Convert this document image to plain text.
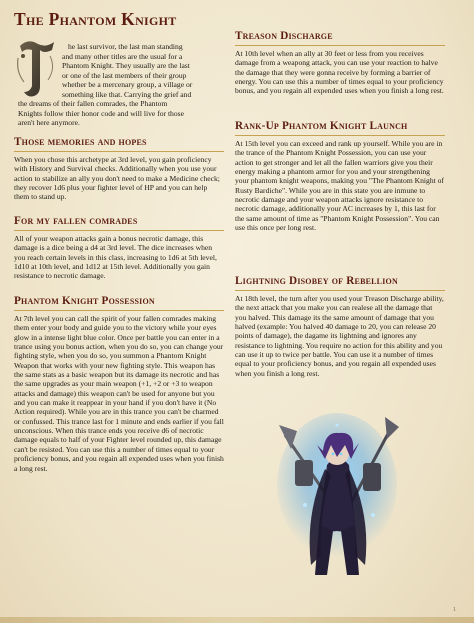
The Phantom Knight
he last survivor, the last man standing
and many other titles are the usual for a
Phantom Knight. They usually are the last
or one of the last members of their group
whether be a mercenary group, a village or
something like that. Carrying the grief and
the dreams of their fallen comrades, the Phantom
Knights follow thier honor code and will live for those
aren't here anymore.
Those memories and hopes

When you chose this archetype at 3rd level, you gain proficiency with History and Survival checks. Additionally when you use your action to stabilize an ally you don't need to make a Medicine check; they recover 1d6 plus your fighter level of HP and you can help them to stand up.

For my fallen comrades

All of your weapon attacks gain a bonus necrotic damage, this damage is a dice being a d4 at 3rd level. The dice increases when you reach certain levels in this class, increasing to 1d6 at 5th level, 1d10 at 10th level, and 1d12 at 15th level. Additionally you gain resistance to necrotic damage.

Phantom Knight Possession

At 7th level you can call the spirit of your fallen comrades making them enter your body and guide you to the victory while your eyes glow in a intense light blue color. Once per battle you can enter in a trance using you bonus action, when you do so, you can change your fighting style, when you do so, you summon a Phantom Knight Weapon that works with your new fighting style. This weapon has the same stats as a basic weapon but its damage its necrotic and has the same upgrades as your main weapon (+1, +2 or +3 to weapon attacks and damage) this weapon can't be used for anyone but you and you can make it reappear in your hand if you don't have it (No Action required). While you are in this trance you can't be charmed or confussed. This trance last for 1 minute and ends earlier if you fall unconscious. When this trance ends you receive d6 of necrotic damage equals to half of your Fighter level rounded up, this damage can't be resisted. You can use this a number of times equal to your proficiency bonus, and you regain all expended uses when you finish a long rest.

Treason Discharge

At 10th level when an ally at 30 feet or less from you receives damage from a weapong attack, you can use your reaction to halve the damage that they were gonna receive by forming a barrier of energy. You can use this a number of times equal to your proficiency bonus, and you regain all expended uses when you finish a long rest.

Rank-Up Phantom Knight Launch

At 15th level you can exceed and rank up yourself. While you are in the trance of the Phantom Knight Possession, you can use your action to get stronger and let all the fallen warriors give you their energy making a phantom armor for you and your strengthening your phantom knight weapons, making you "The Phantom Knight of Rusty Bardiche". While you are in this state you are inmune to necrotic damage and your weapon attacks ignore resistance to necrotic damage, additionally your AC increases by 1, this last for the same amount of time as "Phantom Knight Possession". You can use this once per long rest.

Lightning Disobey of Rebellion

At 18th level, the turn after you used your Treason Discharge ability, the next attack that you make you can realese all the damage that you halved. This damage its the same amount of damage that you halved (example: You halved 40 damage to 20, you can release 20 points of damage), the dagame its lightning and ignores any resistance to lightning. You require no action for this ability and you can use it up to twice per battle. You can use it a number of times equal to your proficiency bonus, and you regain all expended uses when you finish a long rest.

1
